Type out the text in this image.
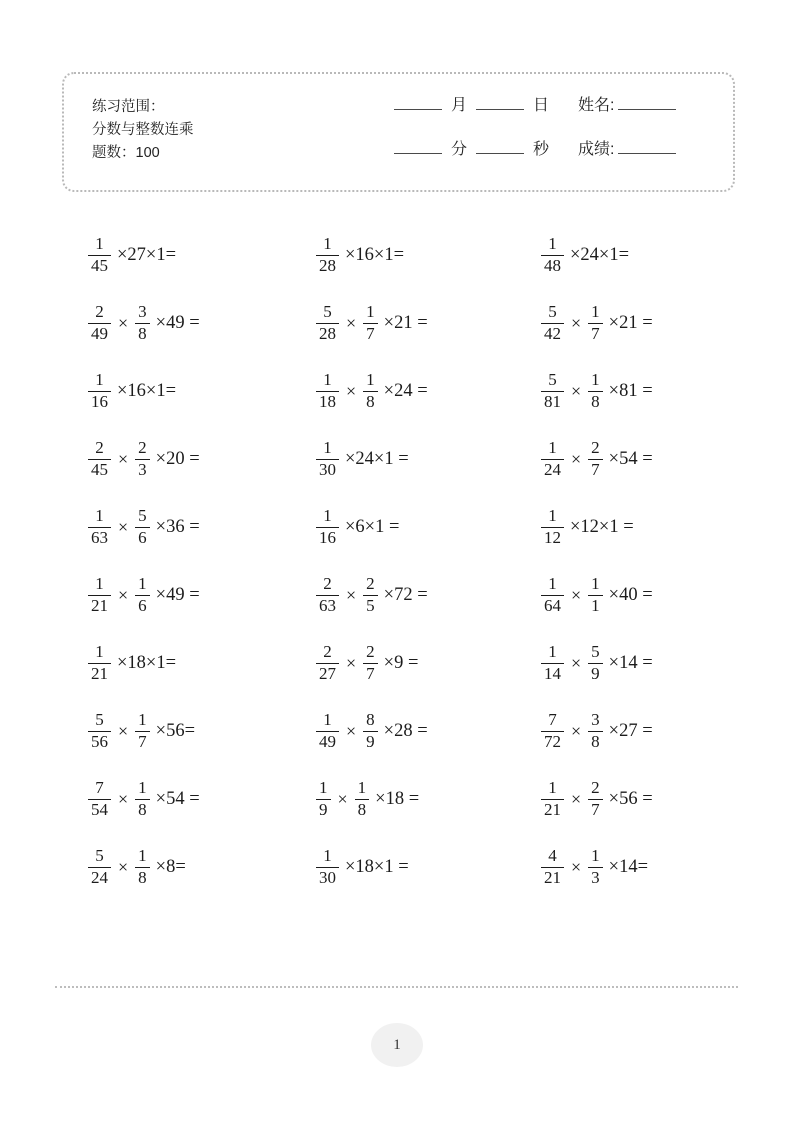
练习范围：
分数与整数连乘
题数：100
月	日 姓名:
分	秒 成绩:
$\frac{1}{45} \times 27\times 1=$	$\frac{1}{28} \times 16\times 1=$	$\frac{1}{48} \times 24\times 1=$
$\frac{2}{49} \times \frac{3}{8} \times 49$ =	$\frac{5}{28} \times \frac{1}{7} \times 21$ =	$\frac{5}{42} \times \frac{1}{7} \times 21$ =
$\frac{1}{16} \times 16\times 1=$	$\frac{1}{18} \times \frac{1}{8} \times 24$ =	$\frac{5}{81} \times \frac{1}{8} \times 81$ =
$\frac{2}{45} \times \frac{2}{3} \times 20$ =	$\frac{1}{30} \times 24\times 1$ =	$\frac{1}{24} \times \frac{2}{7} \times 54$ =
$\frac{1}{63} \times \frac{5}{6} \times 36$ =	$\frac{1}{16} \times 6\times 1$ =	$\frac{1}{12} \times 12\times 1$ =
$\frac{1}{21} \times \frac{1}{6} \times 49$ =	$\frac{2}{63} \times \frac{2}{5} \times 72$ =	$\frac{1}{64} \times \frac{1}{1} \times 40$ =
$\frac{1}{21} \times 18\times 1=$	$\frac{2}{27} \times \frac{2}{7} \times 9$ =	$\frac{1}{14} \times \frac{5}{9} \times 14$ =
$\frac{5}{56} \times \frac{1}{7} \times 56=$	$\frac{1}{49} \times \frac{8}{9} \times 28$ =	$\frac{7}{72} \times \frac{3}{8} \times 27$ =
$\frac{7}{54} \times \frac{1}{8} \times 54$ =	$\frac{1}{9} \times \frac{1}{8} \times 18$ =	$\frac{1}{21} \times \frac{2}{7} \times 56$ =
$\frac{5}{24} \times \frac{1}{8} \times 8=$	$\frac{1}{30} \times 18\times 1$ =	$\frac{4}{21} \times \frac{1}{3} \times 14=$
1
